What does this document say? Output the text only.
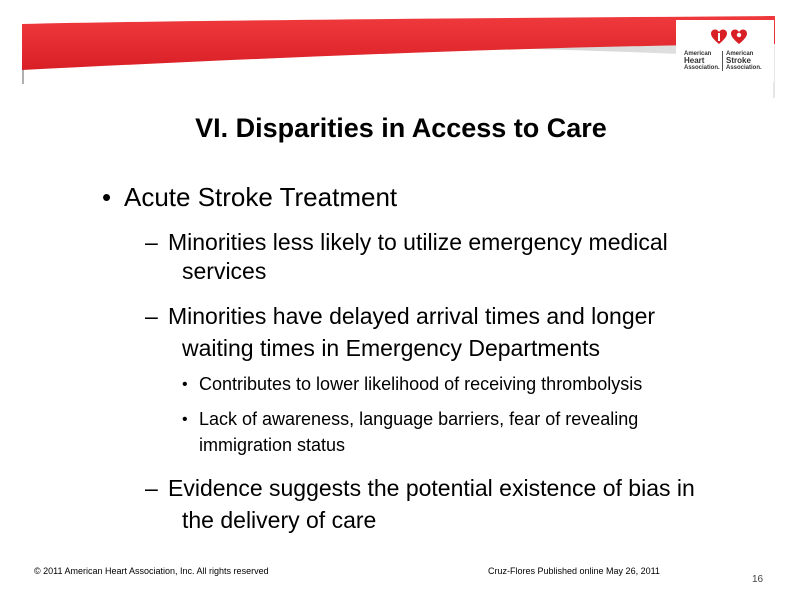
American
Heart
Association.
American
Stroke
Association.
VI. Disparities in Access to Care
• Acute Stroke Treatment
– Minorities less likely to utilize emergency medical
services
– Minorities have delayed arrival times and longer
waiting times in Emergency Departments
• Contributes to lower likelihood of receiving thrombolysis
• Lack of awareness, language barriers, fear of revealing
immigration status
– Evidence suggests the potential existence of bias in
the delivery of care
© 2011 American Heart Association, Inc. All rights reserved	Cruz-Flores Published online May 26, 2011
16
